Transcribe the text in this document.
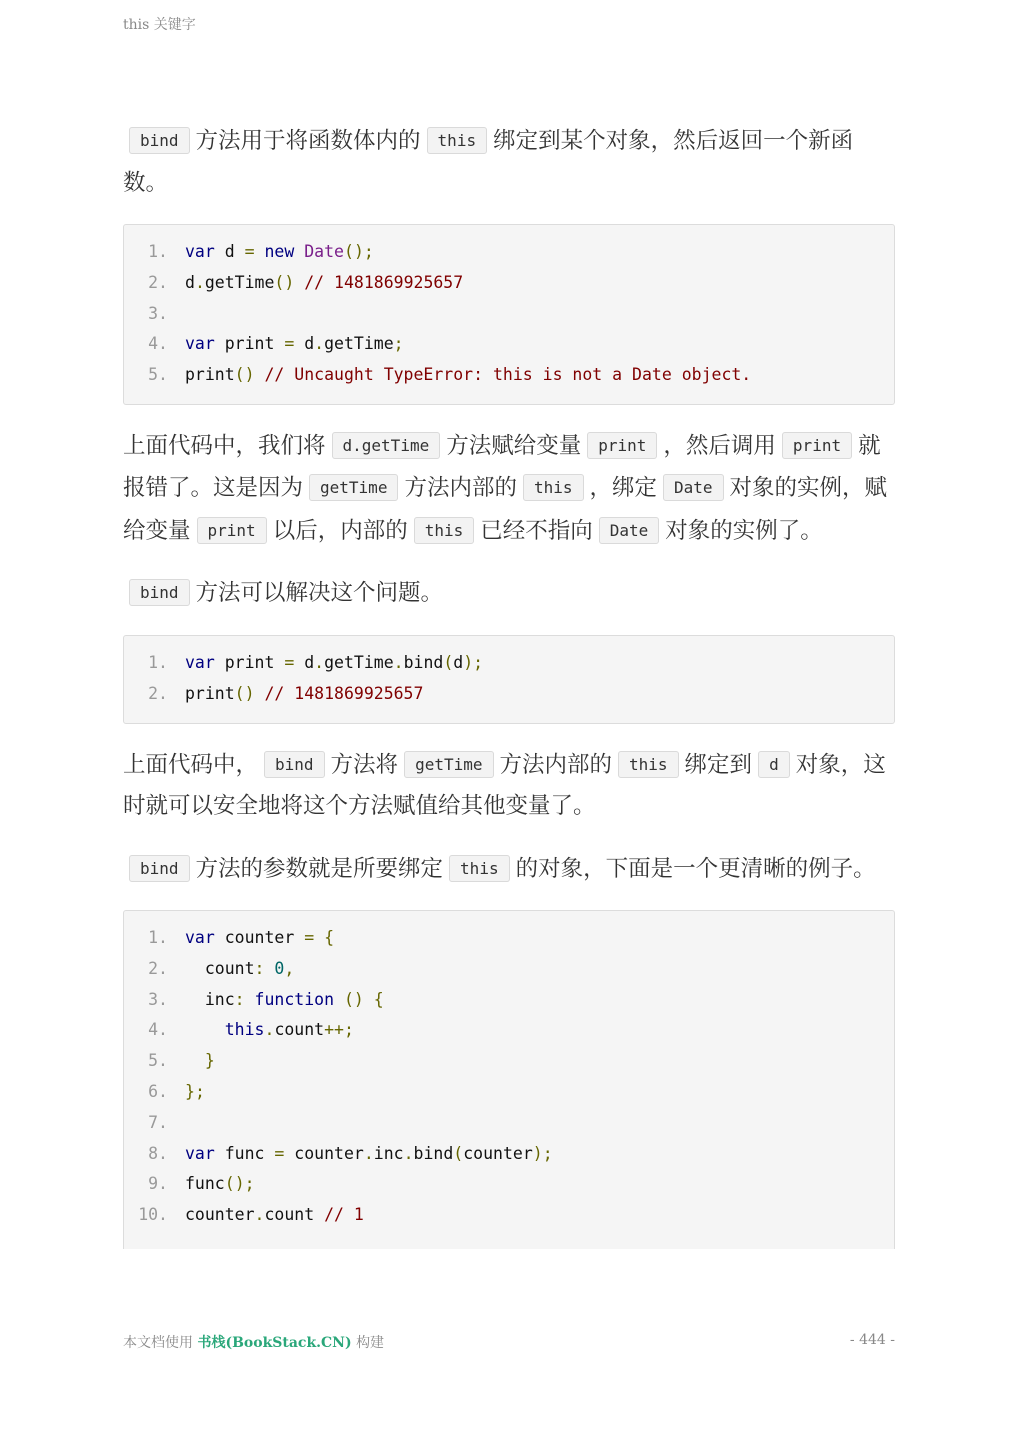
this 关键字

bind 方法用于将函数体内的 this 绑定到某个对象，然后返回一个新函数。

1.	var d = new Date();
2.	d.getTime() // 1481869925657
3.
4.	var print = d.getTime;
5.	print() // Uncaught TypeError: this is not a Date object.

上面代码中，我们将 d.getTime 方法赋给变量 print ，然后调用 print 就报错了。这是因为 getTime 方法内部的 this ，绑定 Date 对象的实例，赋给变量 print 以后，内部的 this 已经不指向 Date 对象的实例了。

bind 方法可以解决这个问题。

1.	var print = d.getTime.bind(d);
2.	print() // 1481869925657

上面代码中， bind 方法将 getTime 方法内部的 this 绑定到 d 对象，这时就可以安全地将这个方法赋值给其他变量了。

bind 方法的参数就是所要绑定 this 的对象，下面是一个更清晰的例子。

1.	var counter = {
2.	count: 0,
3.	inc: function () {
4.	this.count++;
5.	}
6.	};
7.
8.	var func = counter.inc.bind(counter);
9.	func();
10.	counter.count // 1
本文档使用 书栈(BookStack.CN) 构建	- 444 -
